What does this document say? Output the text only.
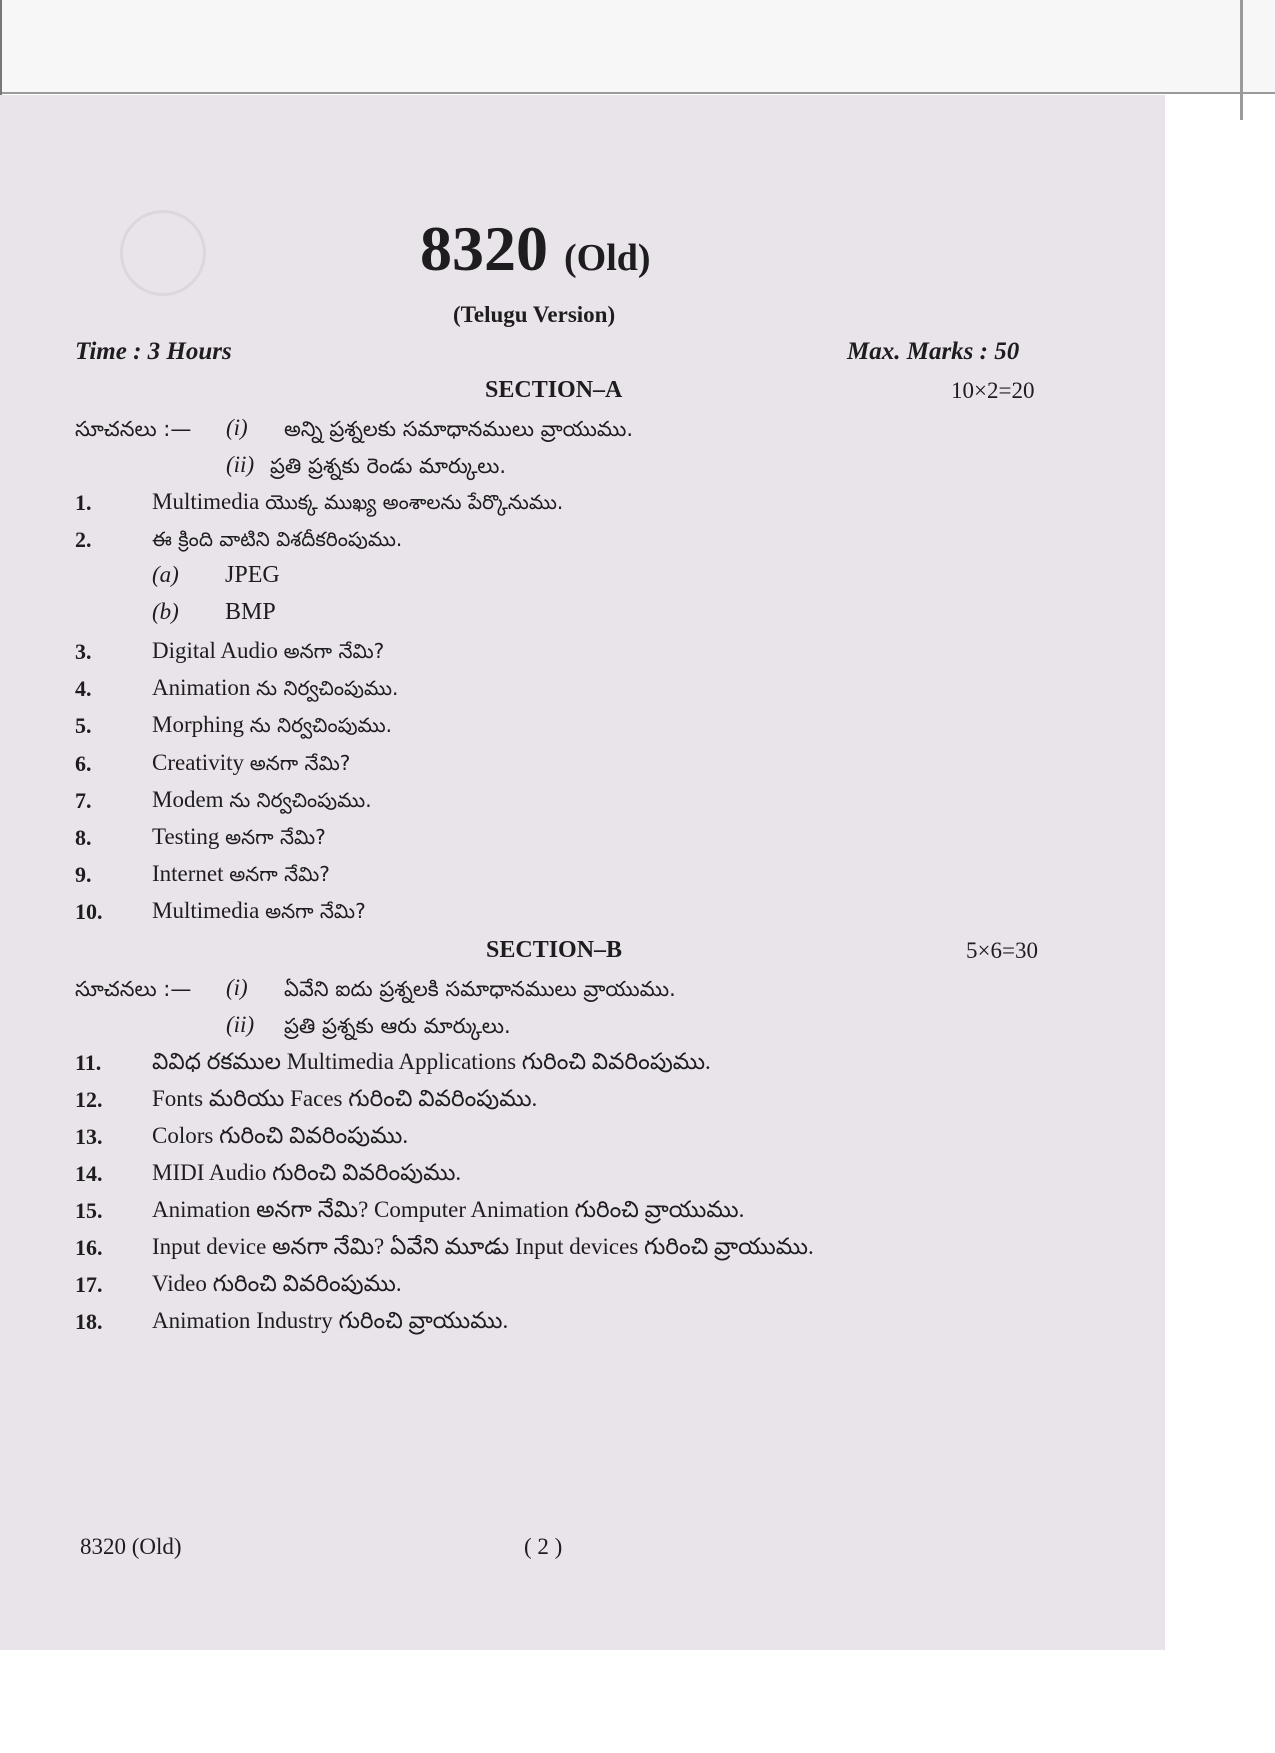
8320 (Old)
(Telugu Version)
Time : 3 Hours	Max. Marks : 50
SECTION–A	10×2=20
సూచనలు :— (i) అన్ని ప్రశ్నలకు సమాధానములు వ్రాయుము.
(ii) ప్రతి ప్రశ్నకు రెండు మార్కులు.
1.	Multimedia యొక్క ముఖ్య అంశాలను పేర్కొనుము.
2.	ఈ క్రింది వాటిని విశదీకరింపుము.
(a) JPEG
(b) BMP
3.	Digital Audio అనగా నేమి?
4.	Animation ను నిర్వచింపుము.
5.	Morphing ను నిర్వచింపుము.
6.	Creativity అనగా నేమి?
7.	Modem ను నిర్వచింపుము.
8.	Testing అనగా నేమి?
9.	Internet అనగా నేమి?
10. Multimedia అనగా నేమి?
SECTION–B	5×6=30
సూచనలు :— (i) ఏవేని ఐదు ప్రశ్నలకి సమాధానములు వ్రాయుము.
(ii) ప్రతి ప్రశ్నకు ఆరు మార్కులు.
11. వివిధ రకముల Multimedia Applications గురించి వివరింపుము.
12. Fonts మరియు Faces గురించి వివరింపుము.
13. Colors గురించి వివరింపుము.
14. MIDI Audio గురించి వివరింపుము.
15. Animation అనగా నేమి? Computer Animation గురించి వ్రాయుము.
16. Input device అనగా నేమి? ఏవేని మూడు Input devices గురించి వ్రాయుము.
17. Video గురించి వివరింపుము.
18. Animation Industry గురించి వ్రాయుము.
8320 (Old)	( 2 )
